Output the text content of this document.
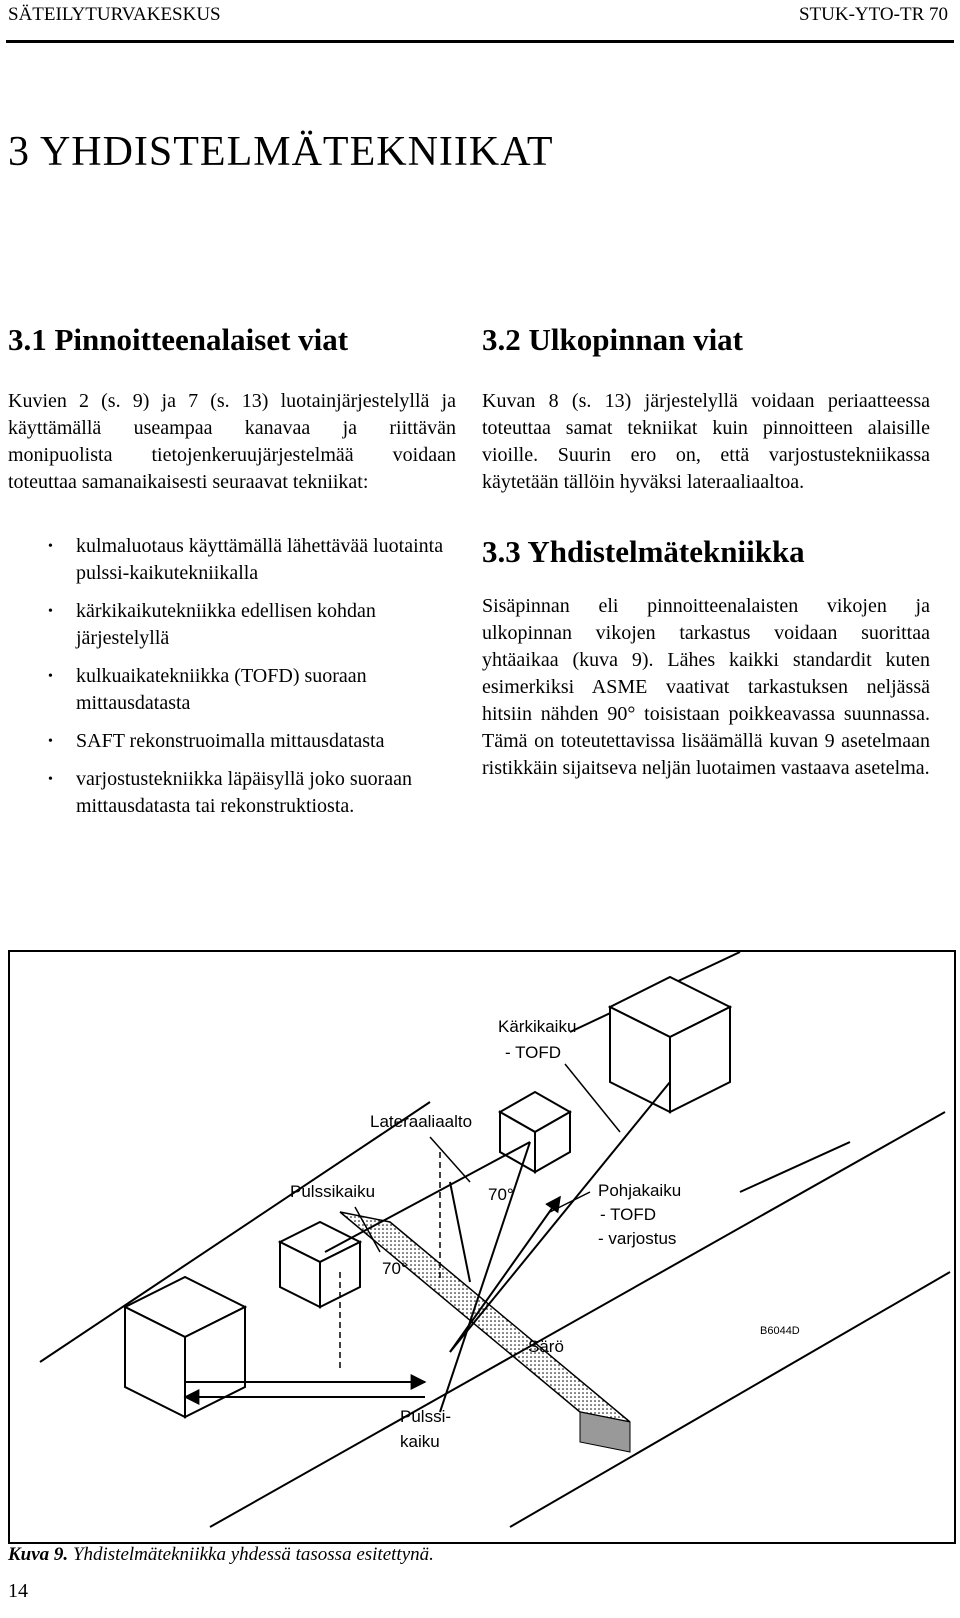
SÄTEILYTURVAKESKUS	STUK-YTO-TR 70
3 YHDISTELMÄTEKNIIKAT
3.1 Pinnoitteenalaiset viat
Kuvien 2 (s. 9) ja 7 (s. 13) luotainjärjestelyllä ja käyttämällä useampaa kanavaa ja riittävän monipuolista tietojenkeruujärjestelmää voidaan toteuttaa samanaikaisesti seuraavat tekniikat:
• kulmaluotaus käyttämällä lähettävää luotainta pulssi-kaikutekniikalla
• kärkikaikutekniikka edellisen kohdan järjestelyllä
• kulkuaikatekniikka (TOFD) suoraan mittausdatasta
• SAFT rekonstruoimalla mittausdatasta
• varjostustekniikka läpäisyllä joko suoraan mittausdatasta tai rekonstruktiosta.
3.2 Ulkopinnan viat
Kuvan 8 (s. 13) järjestelyllä voidaan periaatteessa toteuttaa samat tekniikat kuin pinnoitteen alaisille vioille. Suurin ero on, että varjostustekniikassa käytetään tällöin hyväksi lateraaliaaltoa.
3.3 Yhdistelmätekniikka
Sisäpinnan eli pinnoitteenalaisten vikojen ja ulkopinnan vikojen tarkastus voidaan suorittaa yhtäaikaa (kuva 9). Lähes kaikki standardit kuten esimerkiksi ASME vaativat tarkastuksen neljässä hitsiin nähden 90° toisistaan poikkeavassa suunnassa. Tämä on toteutettavissa lisäämällä kuvan 9 asetelmaan ristikkäin sijaitseva neljän luotaimen vastaava asetelma.
Kärkikaiku
- TOFD
Lateraaliaalto
Pulssikaiku	70°
70°
Pohjakaiku
- TOFD
- varjostus
Särö
Pulssi-
kaiku
B6044D
Kuva 9. Yhdistelmätekniikka yhdessä tasossa esitettynä.
14
